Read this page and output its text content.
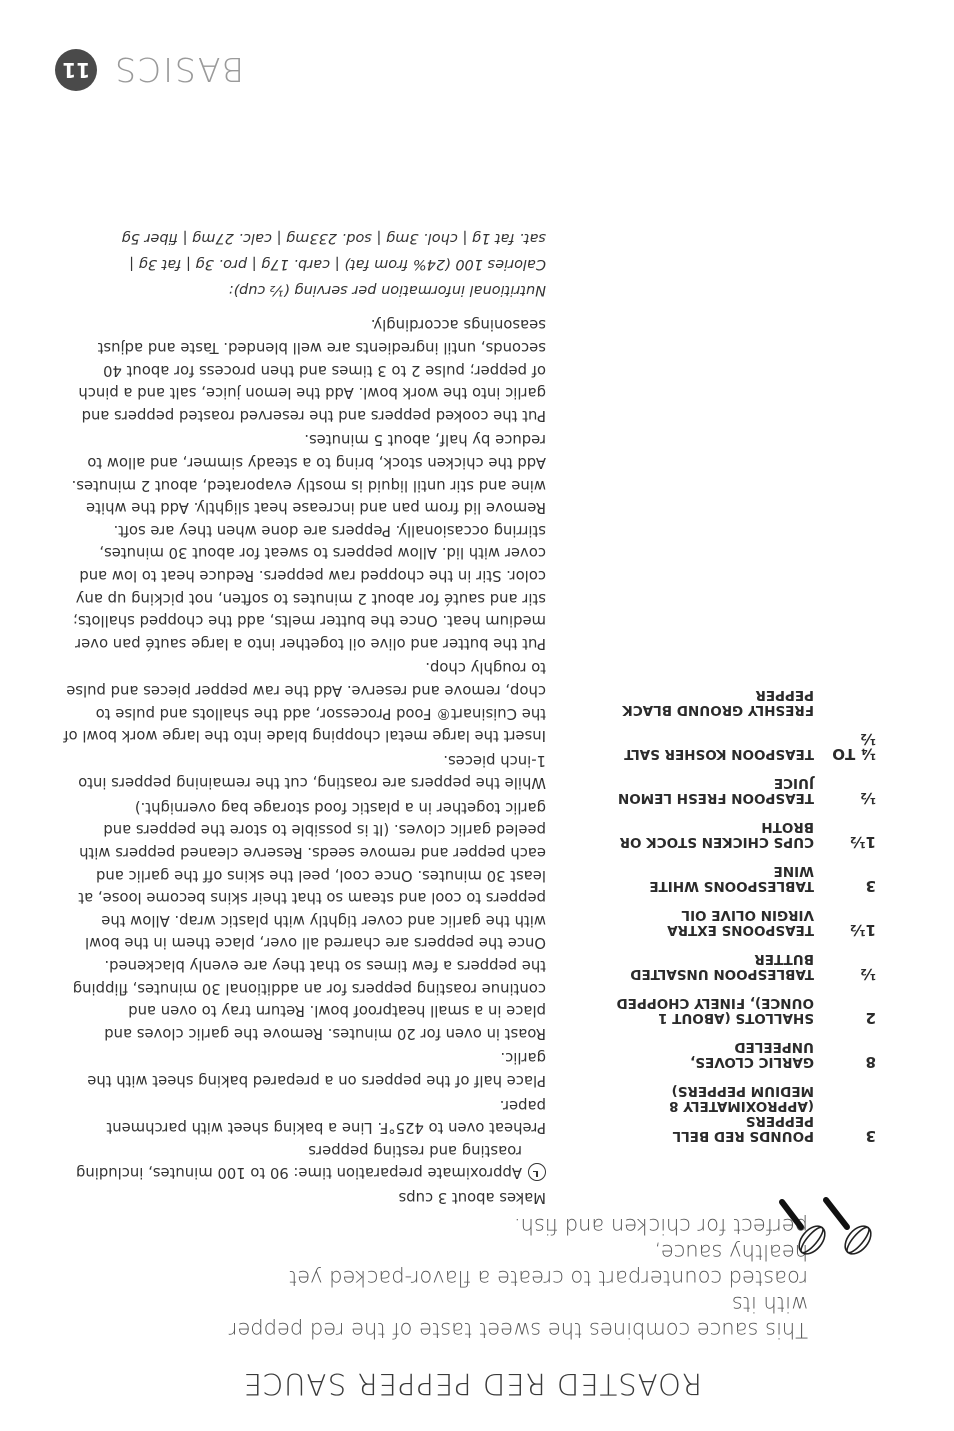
ROASTED RED PEPPER SAUCE
This sauce combines the sweet taste of the red pepper with its
roasted counterpart to create a flavor-packed yet healthy sauce,
perfect for chicken and fish.
3
POUNDS RED BELL PEPPERS (APPROXIMATELY 8 MEDIUM PEPPERS)
8
GARLIC CLOVES, UNPEELED
2
SHALLOTS (ABOUT 1 OUNCE), FINELY CHOPPED
½
TABLESPOON UNSALTED BUTTER
1½
TEASPOONS EXTRA VIRGIN OLIVE OIL
3
TABLESPOONS WHITE WINE
1½
CUPS CHICKEN STOCK OR BROTH
½
TEASPOON FRESH LEMON JUICE
¼ TO ½
TEASPOON KOSHER SALT
FRESHLY GROUND BLACK PEPPER

Makes about 3 cups

Approximate preparation time: 90 to 100 minutes, including roasting and resting peppers

Preheat oven to 425°F. Line a baking sheet with parchment paper.

Place half of the peppers on a prepared baking sheet with the garlic.

Roast in oven for 20 minutes. Remove the garlic cloves and place in a small heatproof bowl. Return tray to oven and continue roasting peppers for an additional 30 minutes, flipping the peppers a few times so that they are evenly blackened. Once the peppers are charred all over, place them in the bowl with the garlic and cover tightly with plastic wrap. Allow the peppers to cool and steam so that their skins become loose, at least 30 minutes. Once cool, peel the skins off the garlic and each pepper and remove seeds. Reserve cleaned peppers with peeled garlic cloves. (It is possible to store the peppers and garlic together in a plastic food storage bag overnight.)

While the peppers are roasting, cut the remaining peppers into 1-inch pieces.

Insert the large metal chopping blade into the large work bowl of the Cuisinart® Food Processor, add the shallots and pulse to chop, remove and reserve. Add the raw pepper pieces and pulse to roughly chop.

Put the butter and olive oil together into a large sauté pan over medium heat. Once the butter melts, add the chopped shallots; stir and sauté for about 2 minutes to soften, not picking up any color. Stir in the chopped raw peppers. Reduce heat to low and cover with lid. Allow peppers to sweat for about 30 minutes, stirring occasionally. Peppers are done when they are soft. Remove lid from pan and increase heat slightly. Add the white wine and stir until liquid is mostly evaporated, about 2 minutes. Add the chicken stock, bring to a steady simmer, and allow to reduce by half, about 5 minutes.

Put the cooked peppers and the reserved roasted peppers and garlic into the work bowl. Add the lemon juice, salt and a pinch of pepper; pulse 2 to 3 times and then process for about 40 seconds, until ingredients are well blended. Taste and adjust seasonings accordingly.

Nutritional information per serving (½ cup):
Calories 100 (24% from fat) | carb. 17g | pro. 3g | fat 3g |
sat. fat 1g | chol. 3mg | sod. 233mg | calc. 27mg | fiber 5g
BASICS
11
